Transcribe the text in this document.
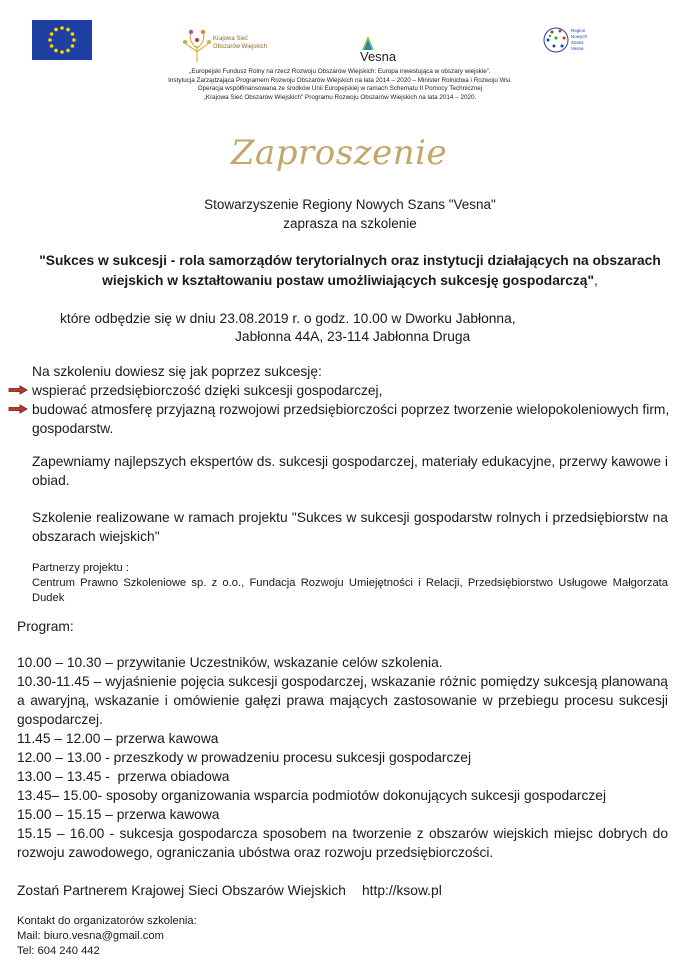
Krajowa Sieć
Obszarów Wiejskich
Vesna
Region
Nowych
Szans
Vesna
„Europejski Fundusz Rolny na rzecz Rozwoju Obszarów Wiejskich: Europa inwestująca w obszary wiejskie".
Instytucja Zarządzająca Programem Rozwoju Obszarów Wiejskich na lata 2014 – 2020 – Minister Rolnictwa i Rozwoju Wsi.
Operacja współfinansowana ze środków Unii Europejskiej w ramach Schematu II Pomocy Technicznej
„Krajowa Sieć Obszarów Wiejskich" Programu Rozwoju Obszarów Wiejskich na lata 2014 – 2020.
Zaproszenie
Stowarzyszenie Regiony Nowych Szans "Vesna"
zaprasza na szkolenie
"Sukces w sukcesji - rola samorządów terytorialnych oraz instytucji działających na obszarach
wiejskich w kształtowaniu postaw umożliwiających sukcesję gospodarczą",
które odbędzie się w dniu 23.08.2019 r. o godz. 10.00 w Dworku Jabłonna,
Jabłonna 44A, 23-114 Jabłonna Druga
Na szkoleniu dowiesz się jak poprzez sukcesję:
wspierać przedsiębiorczość dzięki sukcesji gospodarczej,
budować atmosferę przyjazną rozwojowi przedsiębiorczości poprzez tworzenie wielopokoleniowych firm,
gospodarstw.
Zapewniamy najlepszych ekspertów ds. sukcesji gospodarczej, materiały edukacyjne, przerwy kawowe i obiad.
Szkolenie realizowane w ramach projektu "Sukces w sukcesji gospodarstw rolnych i przedsiębiorstw na obszarach wiejskich"
Partnerzy projektu :
Centrum Prawno Szkoleniowe sp. z o.o., Fundacja Rozwoju Umiejętności i Relacji, Przedsiębiorstwo Usługowe Małgorzata Dudek
Program:
10.00 – 10.30 – przywitanie Uczestników, wskazanie celów szkolenia.
10.30-11.45 – wyjaśnienie pojęcia sukcesji gospodarczej, wskazanie różnic pomiędzy sukcesją planowaną a awaryjną, wskazanie i omówienie gałęzi prawa mających zastosowanie w przebiegu procesu sukcesji gospodarczej.
11.45 – 12.00 – przerwa kawowa
12.00 – 13.00 - przeszkody w prowadzeniu procesu sukcesji gospodarczej
13.00 – 13.45 -  przerwa obiadowa
13.45– 15.00- sposoby organizowania wsparcia podmiotów dokonujących sukcesji gospodarczej
15.00 – 15.15 – przerwa kawowa
15.15 – 16.00 - sukcesja gospodarcza sposobem na tworzenie z obszarów wiejskich miejsc dobrych do rozwoju zawodowego, ograniczania ubóstwa oraz rozwoju przedsiębiorczości.
Zostań Partnerem Krajowej Sieci Obszarów Wiejskich http://ksow.pl
Kontakt do organizatorów szkolenia:
Mail: biuro.vesna@gmail.com
Tel: 604 240 442
